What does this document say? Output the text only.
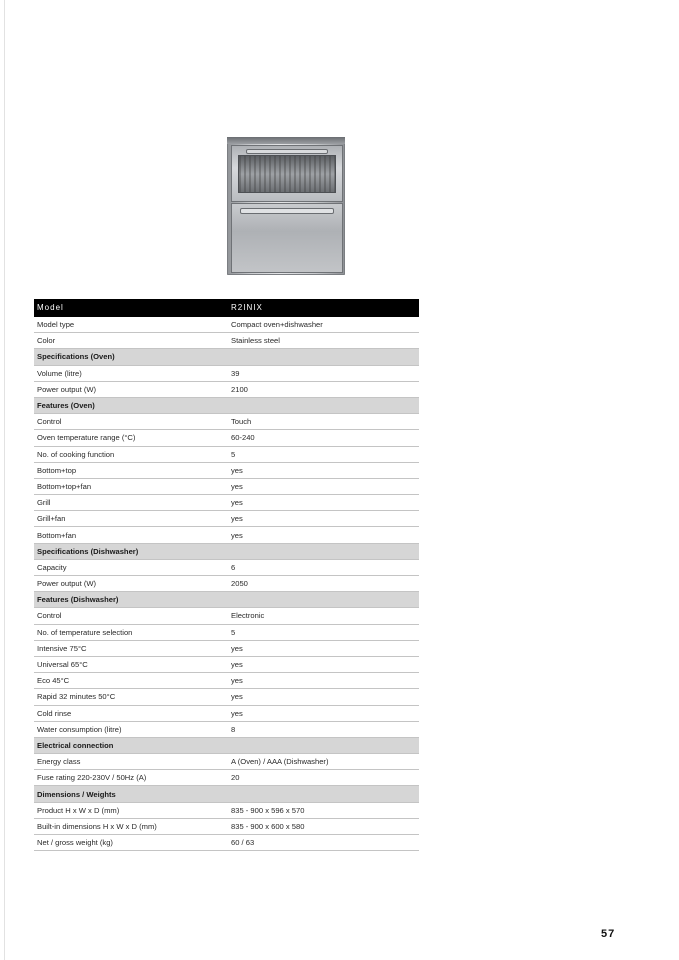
Model	R2INIX
Model type	Compact oven+dishwasher
Color	Stainless steel
Specifications (Oven)	
Volume (litre)	39
Power output (W)	2100
Features (Oven)	
Control	Touch
Oven temperature range (°C)	60-240
No. of cooking function	5
Bottom+top	yes
Bottom+top+fan	yes
Grill	yes
Grill+fan	yes
Bottom+fan	yes
Specifications (Dishwasher)	
Capacity	6
Power output (W)	2050
Features (Dishwasher)	
Control	Electronic
No. of temperature selection	5
Intensive 75°C	yes
Universal 65°C	yes
Eco 45°C	yes
Rapid 32 minutes 50°C	yes
Cold rinse	yes
Water consumption (litre)	8
Electrical connection	
Energy class	A (Oven) / AAA (Dishwasher)
Fuse rating 220-230V / 50Hz (A)	20
Dimensions / Weights	
Product H x W x D (mm)	835 - 900 x 596 x 570
Built-in dimensions H x W x D (mm)	835 - 900 x 600 x 580
Net / gross weight (kg)	60 / 63
57
